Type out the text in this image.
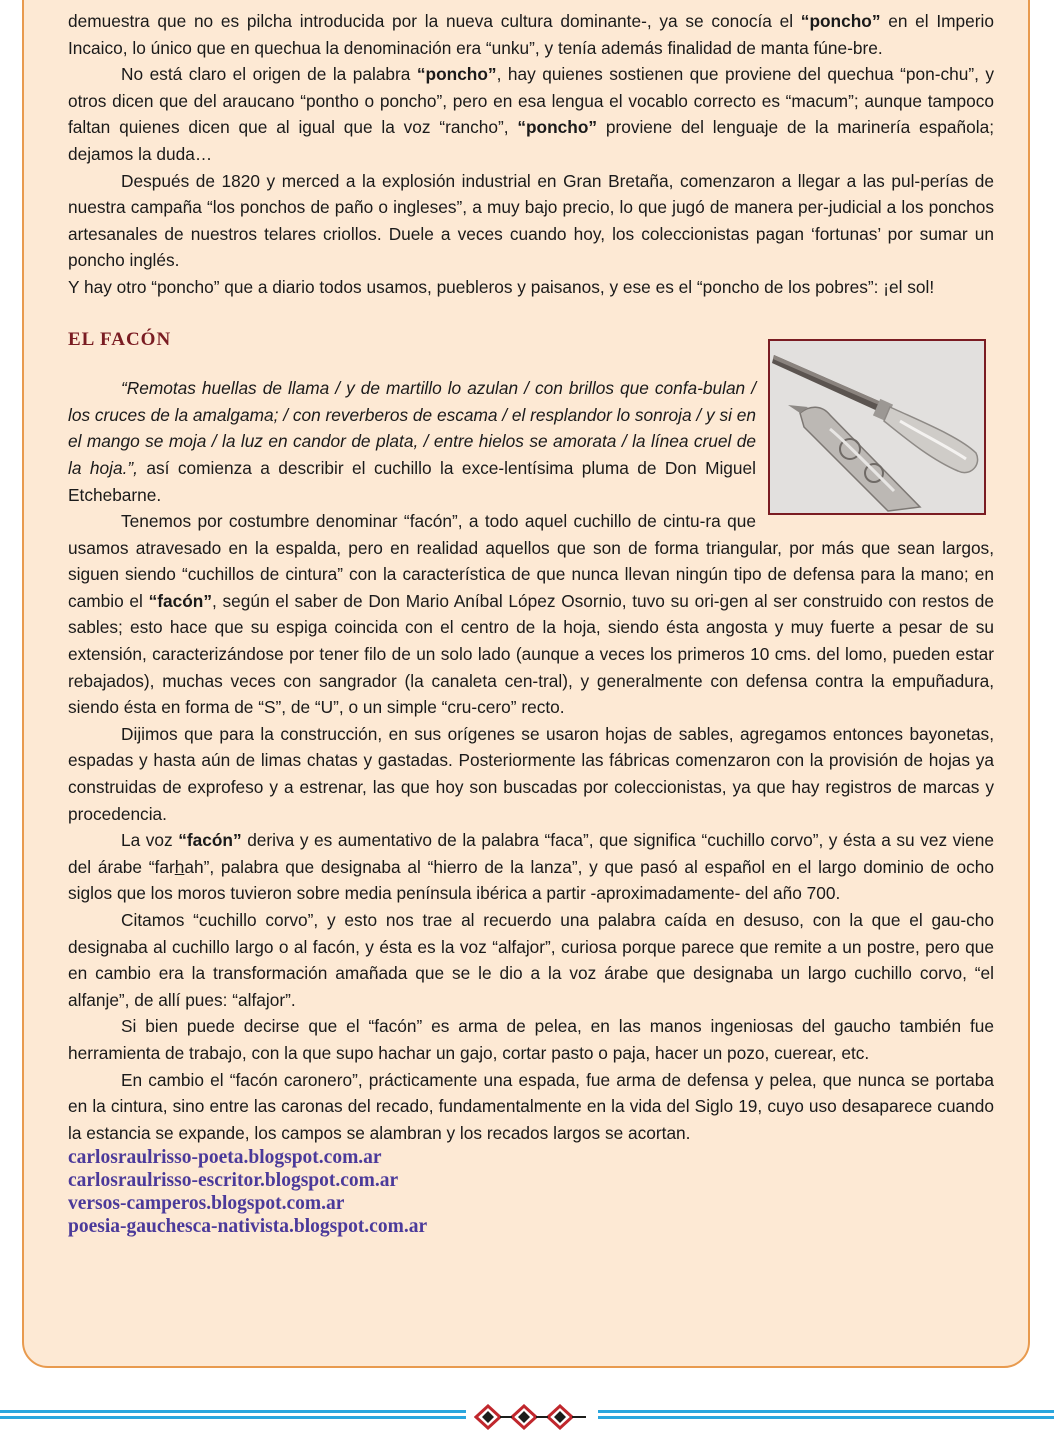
demuestra que no es pilcha introducida por la nueva cultura dominante-, ya se conocía el “poncho” en el Imperio Incaico, lo único que en quechua la denominación era “unku”, y tenía además finalidad de manta fúne-bre.

No está claro el origen de la palabra “poncho”, hay quienes sostienen que proviene del quechua “pon-chu”, y otros dicen que del araucano “pontho o poncho”, pero en esa lengua el vocablo correcto es “macum”; aunque tampoco faltan quienes dicen que al igual que la voz “rancho”, “poncho” proviene del lenguaje de la marinería española; dejamos la duda…

Después de 1820 y merced a la explosión industrial en Gran Bretaña, comenzaron a llegar a las pul-perías de nuestra campaña “los ponchos de paño o ingleses”, a muy bajo precio, lo que jugó de manera per-judicial a los ponchos artesanales de nuestros telares criollos. Duele a veces cuando hoy, los coleccionistas pagan ‘fortunas’ por sumar un poncho inglés.

Y hay otro “poncho” que a diario todos usamos, puebleros y paisanos, y ese es el “poncho de los pobres”: ¡el sol!

EL FACÓN

“Remotas huellas de llama / y de martillo lo azulan / con brillos que confa-bulan / los cruces de la amalgama; / con reverberos de escama / el resplandor lo sonroja / y si en el mango se moja / la luz en candor de plata, / entre hielos se amorata / la línea cruel de la hoja.”, así comienza a describir el cuchillo la exce-lentísima pluma de Don Miguel Etchebarne.

Tenemos por costumbre denominar “facón”, a todo aquel cuchillo de cintu-ra que usamos atravesado en la espalda, pero en realidad aquellos que son de forma triangular, por más que sean largos, siguen siendo “cuchillos de cintura” con la característica de que nunca llevan ningún tipo de defensa para la mano; en cambio el “facón”, según el saber de Don Mario Aníbal López Osornio, tuvo su ori-gen al ser construido con restos de sables; esto hace que su espiga coincida con el centro de la hoja, siendo ésta angosta y muy fuerte a pesar de su extensión, caracterizándose por tener filo de un solo lado (aunque a veces los primeros 10 cms. del lomo, pueden estar rebajados), muchas veces con sangrador (la canaleta cen-tral), y generalmente con defensa contra la empuñadura, siendo ésta en forma de “S”, de “U”, o un simple “cru-cero” recto.

Dijimos que para la construcción, en sus orígenes se usaron hojas de sables, agregamos entonces bayonetas, espadas y hasta aún de limas chatas y gastadas. Posteriormente las fábricas comenzaron con la provisión de hojas ya construidas de exprofeso y a estrenar, las que hoy son buscadas por coleccionistas, ya que hay registros de marcas y procedencia.

La voz “facón” deriva y es aumentativo de la palabra “faca”, que significa “cuchillo corvo”, y ésta a su vez viene del árabe “farhah”, palabra que designaba al “hierro de la lanza”, y que pasó al español en el largo dominio de ocho siglos que los moros tuvieron sobre media península ibérica a partir -aproximadamente- del año 700.

Citamos “cuchillo corvo”, y esto nos trae al recuerdo una palabra caída en desuso, con la que el gau-cho designaba al cuchillo largo o al facón, y ésta es la voz “alfajor”, curiosa porque parece que remite a un postre, pero que en cambio era la transformación amañada que se le dio a la voz árabe que designaba un largo cuchillo corvo, “el alfanje”, de allí pues: “alfajor”.

Si bien puede decirse que el “facón” es arma de pelea, en las manos ingeniosas del gaucho también fue herramienta de trabajo, con la que supo hachar un gajo, cortar pasto o paja, hacer un pozo, cuerear, etc.

En cambio el “facón caronero”, prácticamente una espada, fue arma de defensa y pelea, que nunca se portaba en la cintura, sino entre las caronas del recado, fundamentalmente en la vida del Siglo 19, cuyo uso desaparece cuando la estancia se expande, los campos se alambran y los recados largos se acortan.

carlosraulrisso-poeta.blogspot.com.ar

carlosraulrisso-escritor.blogspot.com.ar

versos-camperos.blogspot.com.ar

poesia-gauchesca-nativista.blogspot.com.ar
